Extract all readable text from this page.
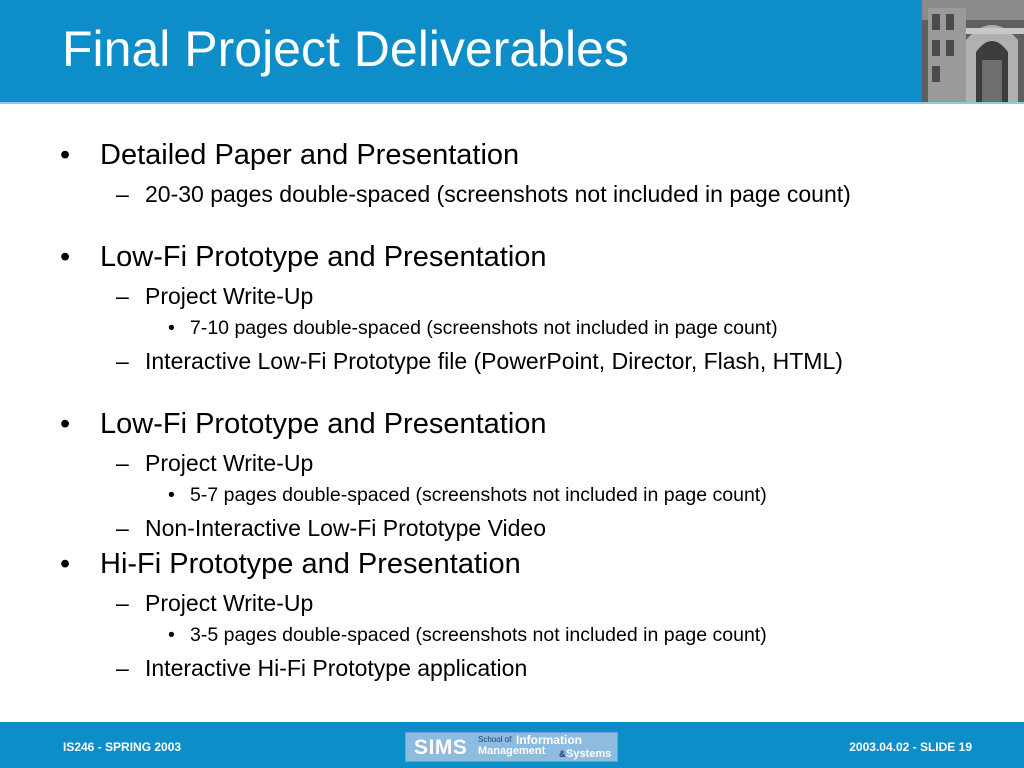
Final Project Deliverables
• Detailed Paper and Presentation
– 20-30 pages double-spaced (screenshots not included in page count)
• Low-Fi Prototype and Presentation
– Project Write-Up
• 7-10 pages double-spaced (screenshots not included in page count)
– Interactive Low-Fi Prototype file (PowerPoint, Director, Flash, HTML)
• Low-Fi Prototype and Presentation
– Project Write-Up
• 5-7 pages double-spaced (screenshots not included in page count)
– Non-Interactive Low-Fi Prototype Video
• Hi-Fi Prototype and Presentation
– Project Write-Up
• 3-5 pages double-spaced (screenshots not included in page count)
– Interactive Hi-Fi Prototype application
IS246 - SPRING 2003	SIMS School of Information
Management & Systems	2003.04.02 - SLIDE 19
